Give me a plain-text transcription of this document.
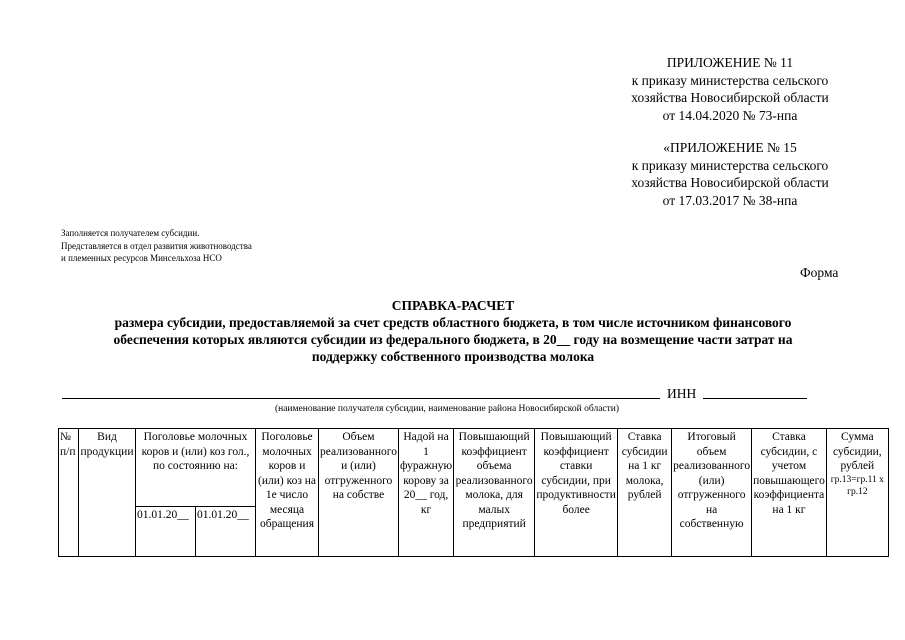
ПРИЛОЖЕНИЕ № 11
к приказу министерства сельского
хозяйства Новосибирской области
от 14.04.2020 № 73-нпа
«ПРИЛОЖЕНИЕ № 15
к приказу министерства сельского
хозяйства Новосибирской области
от 17.03.2017 № 38-нпа
Заполняется получателем субсидии.
Представляется в отдел развития животноводства
и племенных ресурсов Минсельхоза НСО
Форма
СПРАВКА-РАСЧЕТ
размера субсидии, предоставляемой за счет средств областного бюджета, в том числе источником финансового
обеспечения которых являются субсидии из федерального бюджета, в 20__ году на возмещение части затрат на
поддержку собственного производства молока
ИНН
(наименование получателя субсидии, наименование района Новосибирской области)
№ п/п	Вид продукции	Поголовье молочных коров и (или) коз гол., по состоянию на:		Поголовье молочных коров и (или) коз на 1е число месяца обращения	Объем реализованного и (или) отгруженного на собстве	Надой на 1 фуражную корову за 20__ год, кг	Повышающий коэффициент объема реализованного молока, для малых предприятий	Повышающий коэффициент ставки субсидии, при продуктивности более	Ставка субсидии на 1 кг молока, рублей	Итоговый объем реализованного (или) отгруженного на собственную	Ставка субсидии, с учетом повышающего коэффициента на 1 кг	Сумма субсидии, рублей
гр.13=гр.11 х гр.12

		01.01.20__	01.01.20__									
